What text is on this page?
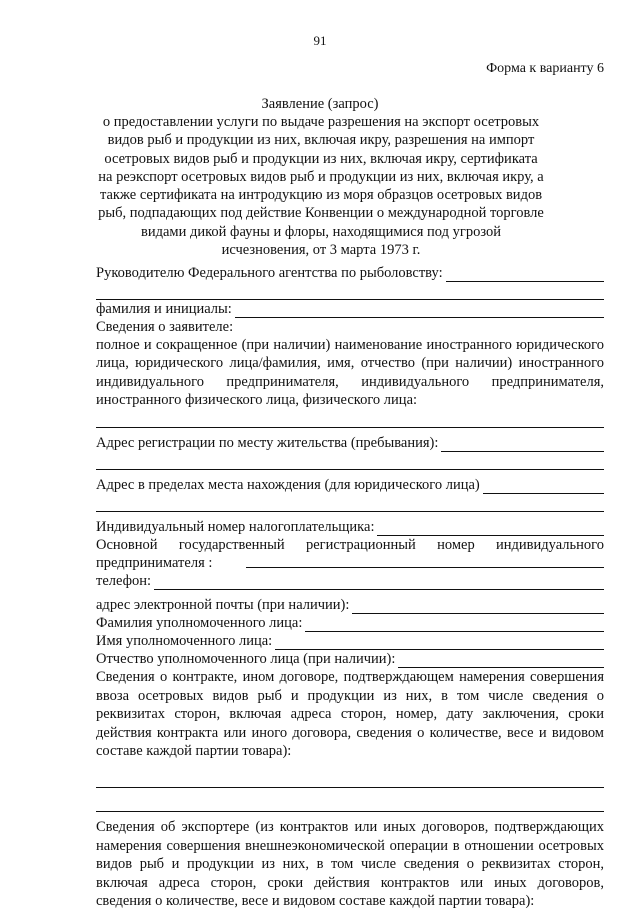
91
Форма к варианту 6
Заявление (запрос)
о предоставлении услуги по выдаче разрешения на экспорт осетровых видов рыб и продукции из них, включая икру, разрешения на импорт осетровых видов рыб и продукции из них, включая икру, сертификата на реэкспорт осетровых видов рыб и продукции из них, включая икру, а также сертификата на интродукцию из моря образцов осетровых видов рыб, подпадающих под действие Конвенции о международной торговле видами дикой фауны и флоры, находящимися под угрозой исчезновения, от 3 марта 1973 г.
Руководителю Федерального агентства по рыболовству:
фамилия и инициалы:
Сведения о заявителе:
полное и сокращенное (при наличии) наименование иностранного юридического лица, юридического лица/фамилия, имя, отчество (при наличии) иностранного индивидуального предпринимателя, индивидуального предпринимателя, иностранного физического лица, физического лица:
Адрес регистрации по месту жительства (пребывания):
Адрес в пределах места нахождения (для юридического лица)
Индивидуальный номер налогоплательщика:
Основной государственный регистрационный номер индивидуального предпринимателя :
телефон:
адрес электронной почты (при наличии):
Фамилия уполномоченного лица:
Имя уполномоченного лица:
Отчество уполномоченного лица (при наличии):
Сведения о контракте, ином договоре, подтверждающем намерения совершения ввоза осетровых видов рыб и продукции из них, в том числе сведения о реквизитах сторон, включая адреса сторон, номер, дату заключения, сроки действия контракта или иного договора, сведения о количестве, весе и видовом составе каждой партии товара):
Сведения об экспортере (из контрактов или иных договоров, подтверждающих намерения совершения внешнеэкономической операции в отношении осетровых видов рыб и продукции из них, в том числе сведения о реквизитах сторон, включая адреса сторон, сроки действия контрактов или иных договоров, сведения о количестве, весе и видовом составе каждой партии товара):
